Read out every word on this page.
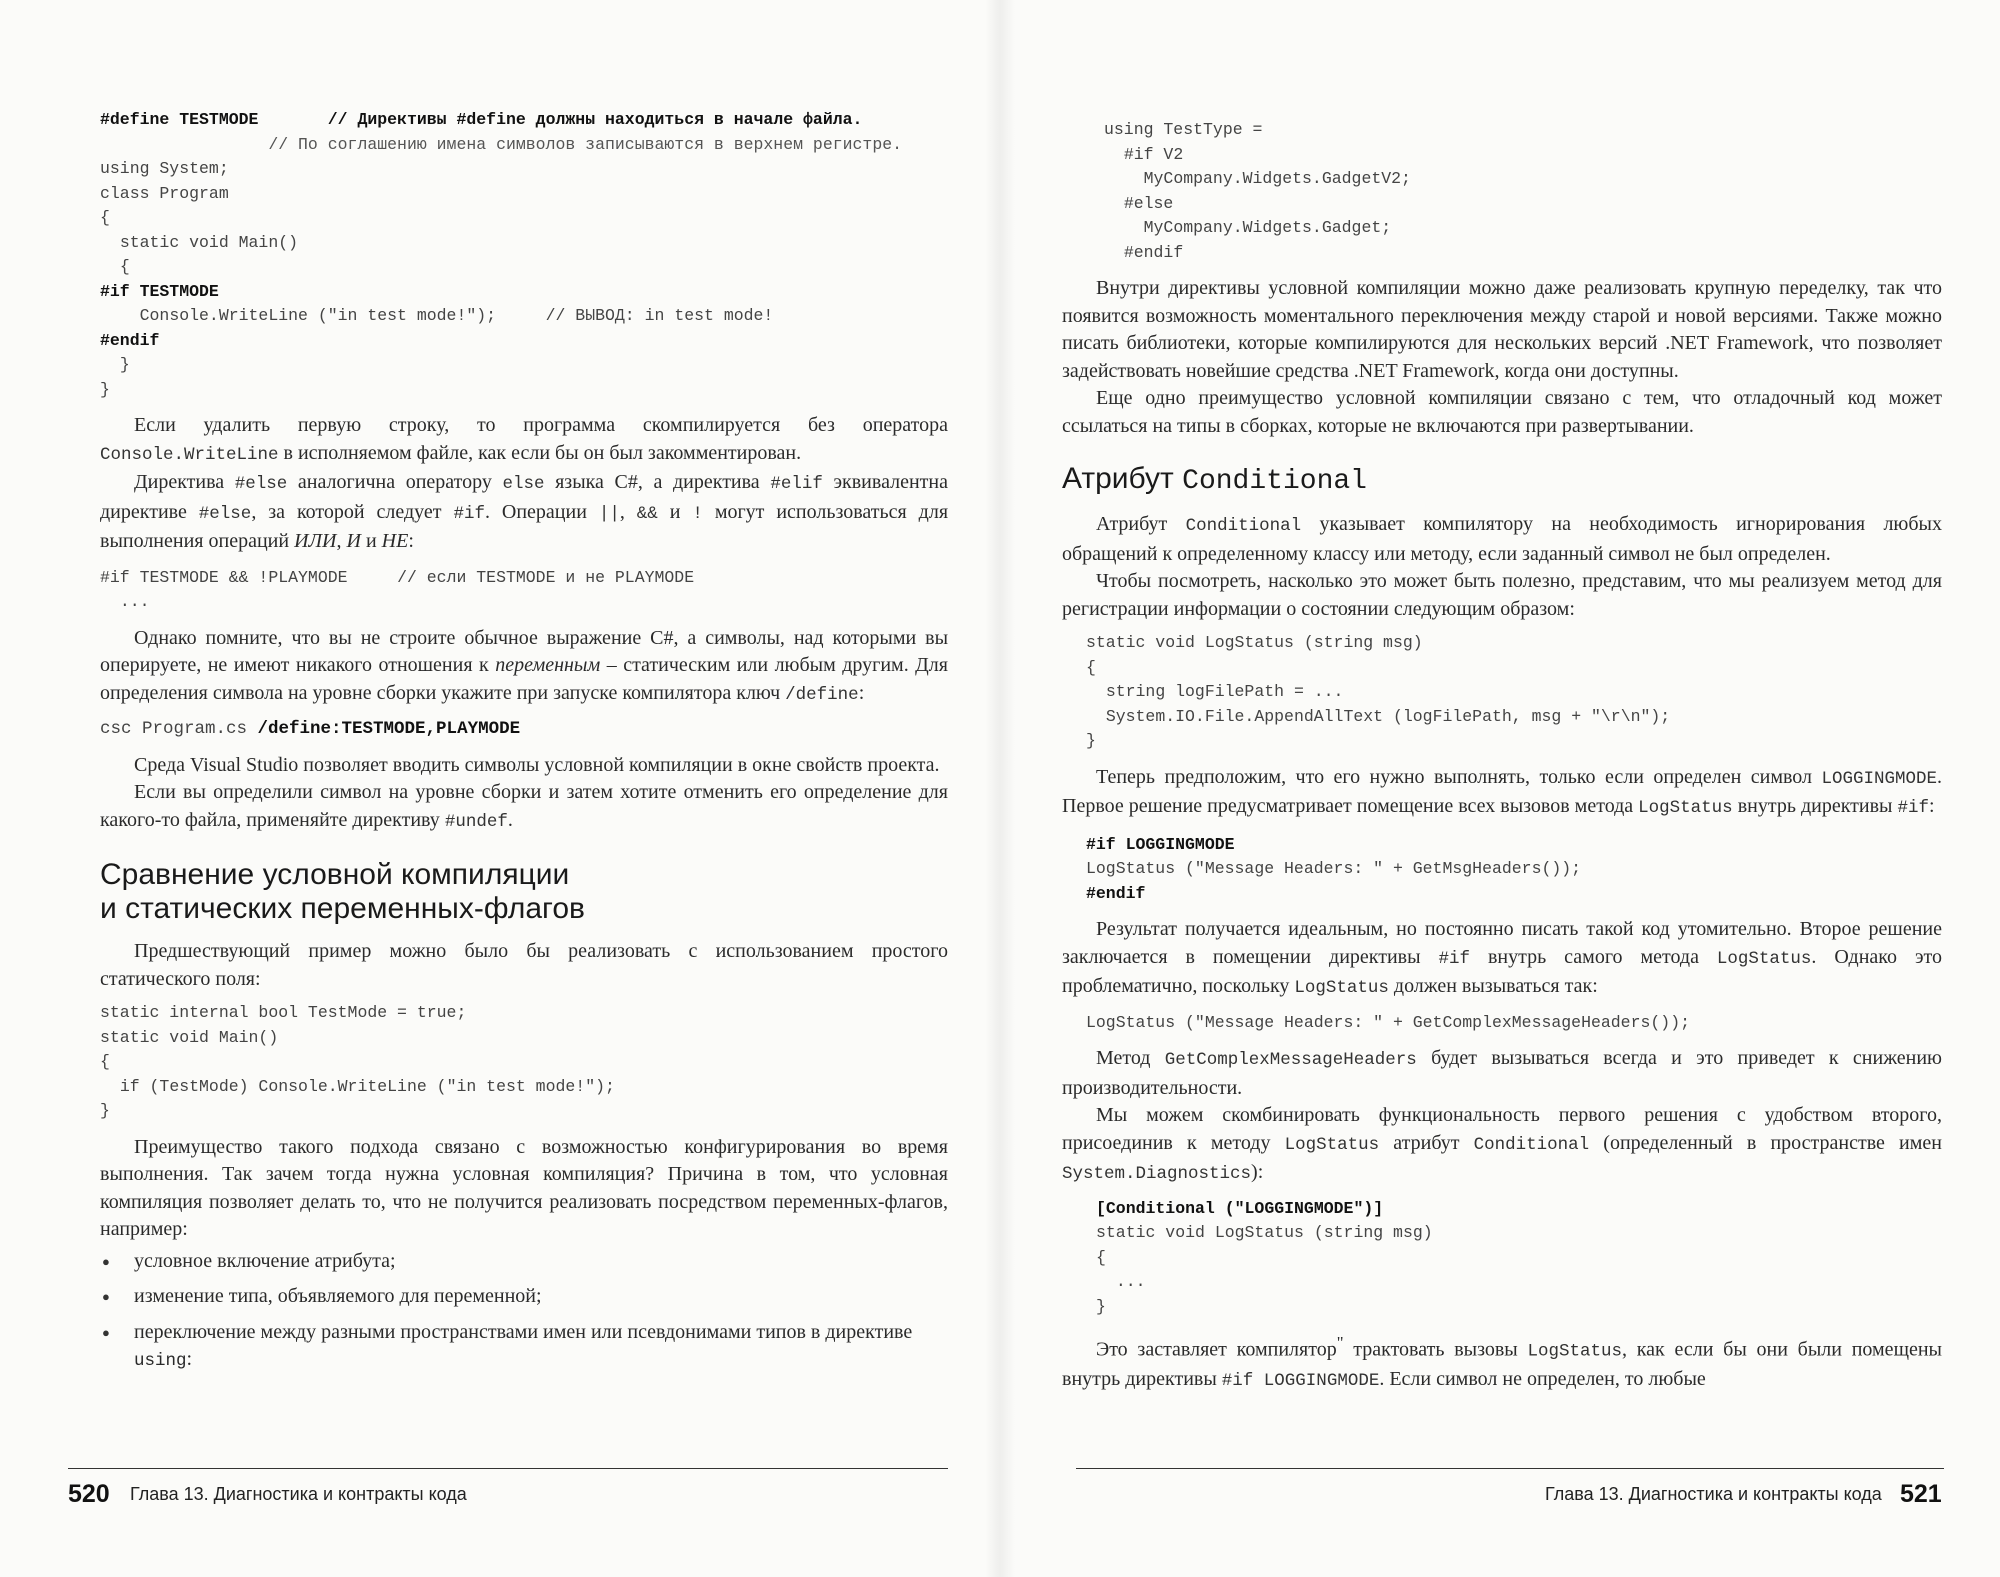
#define TESTMODE	// Директивы #define должны находиться в начале файла.
// По соглашению имена символов записываются в верхнем регистре.
using System;
class Program
{
static void Main()
{
#if TESTMODE
Console.WriteLine ("in test mode!");	// ВЫВОД: in test mode!
#endif
}
}

Если удалить первую строку, то программа скомпилируется без оператора Console.WriteLine в исполняемом файле, как если бы он был закомментирован.

Директива #else аналогична оператору else языка C#, а директива #elif эквивалентна директиве #else, за которой следует #if. Операции ||, && и ! могут использоваться для выполнения операций ИЛИ, И и НЕ:

#if TESTMODE && !PLAYMODE	// если TESTMODE и не PLAYMODE
...

Однако помните, что вы не строите обычное выражение C#, а символы, над которыми вы оперируете, не имеют никакого отношения к переменным – статическим или любым другим. Для определения символа на уровне сборки укажите при запуске компилятора ключ /define:

csc Program.cs /define:TESTMODE,PLAYMODE

Среда Visual Studio позволяет вводить символы условной компиляции в окне свойств проекта.

Если вы определили символ на уровне сборки и затем хотите отменить его определение для какого-то файла, применяйте директиву #undef.

Сравнение условной компиляции
и статических переменных-флагов

Предшествующий пример можно было бы реализовать с использованием простого статического поля:

static internal bool TestMode = true;
static void Main()
{
if (TestMode) Console.WriteLine ("in test mode!");
}

Преимущество такого подхода связано с возможностью конфигурирования во время выполнения. Так зачем тогда нужна условная компиляция? Причина в том, что условная компиляция позволяет делать то, что не получится реализовать посредством переменных-флагов, например:

● условное включение атрибута;
● изменение типа, объявляемого для переменной;
● переключение между разными пространствами имен или псевдонимами типов в директиве using:
520 Глава 13. Диагностика и контракты кода
using TestType =
#if V2
MyCompany.Widgets.GadgetV2;
#else
MyCompany.Widgets.Gadget;
#endif

Внутри директивы условной компиляции можно даже реализовать крупную переделку, так что появится возможность моментального переключения между старой и новой версиями. Также можно писать библиотеки, которые компилируются для нескольких версий .NET Framework, что позволяет задействовать новейшие средства .NET Framework, когда они доступны.

Еще одно преимущество условной компиляции связано с тем, что отладочный код может ссылаться на типы в сборках, которые не включаются при развертывании.

Атрибут Conditional

Атрибут Conditional указывает компилятору на необходимость игнорирования любых обращений к определенному классу или методу, если заданный символ не был определен.

Чтобы посмотреть, насколько это может быть полезно, представим, что мы реализуем метод для регистрации информации о состоянии следующим образом:

static void LogStatus (string msg)
{
string logFilePath = ...
System.IO.File.AppendAllText (logFilePath, msg + "\r\n");
}

Теперь предположим, что его нужно выполнять, только если определен символ LOGGINGMODE. Первое решение предусматривает помещение всех вызовов метода LogStatus внутрь директивы #if:

#if LOGGINGMODE
LogStatus ("Message Headers: " + GetMsgHeaders());
#endif

Результат получается идеальным, но постоянно писать такой код утомительно. Второе решение заключается в помещении директивы #if внутрь самого метода LogStatus. Однако это проблематично, поскольку LogStatus должен вызываться так:

LogStatus ("Message Headers: " + GetComplexMessageHeaders());

Метод GetComplexMessageHeaders будет вызываться всегда и это приведет к снижению производительности.

Мы можем скомбинировать функциональность первого решения с удобством второго, присоединив к методу LogStatus атрибут Conditional (определенный в пространстве имен System.Diagnostics):

[Conditional ("LOGGINGMODE")]
static void LogStatus (string msg)
{
...
}

Это заставляет компилятор" трактовать вызовы LogStatus, как если бы они были помещены внутрь директивы #if LOGGINGMODE. Если символ не определен, то любые

Глава 13. Диагностика и контракты кода 521
